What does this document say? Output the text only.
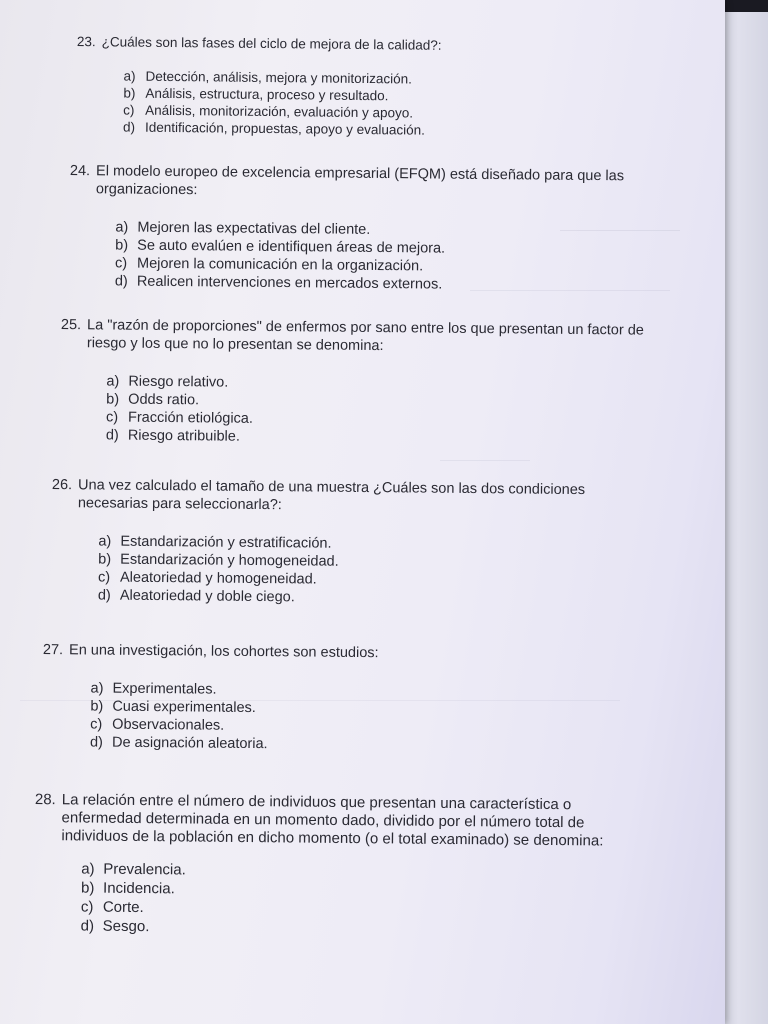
23. ¿Cuáles son las fases del ciclo de mejora de la calidad?:

a) Detección, análisis, mejora y monitorización.
b) Análisis, estructura, proceso y resultado.
c) Análisis, monitorización, evaluación y apoyo.
d) Identificación, propuestas, apoyo y evaluación.

24. El modelo europeo de excelencia empresarial (EFQM) está diseñado para que las organizaciones:

a) Mejoren las expectativas del cliente.
b) Se auto evalúen e identifiquen áreas de mejora.
c) Mejoren la comunicación en la organización.
d) Realicen intervenciones en mercados externos.

25. La "razón de proporciones" de enfermos por sano entre los que presentan un factor de riesgo y los que no lo presentan se denomina:

a) Riesgo relativo.
b) Odds ratio.
c) Fracción etiológica.
d) Riesgo atribuible.

26. Una vez calculado el tamaño de una muestra ¿Cuáles son las dos condiciones necesarias para seleccionarla?:

a) Estandarización y estratificación.
b) Estandarización y homogeneidad.
c) Aleatoriedad y homogeneidad.
d) Aleatoriedad y doble ciego.

27. En una investigación, los cohortes son estudios:

a) Experimentales.
b) Cuasi experimentales.
c) Observacionales.
d) De asignación aleatoria.

28. La relación entre el número de individuos que presentan una característica o enfermedad determinada en un momento dado, dividido por el número total de individuos de la población en dicho momento (o el total examinado) se denomina:

a) Prevalencia.
b) Incidencia.
c) Corte.
d) Sesgo.
